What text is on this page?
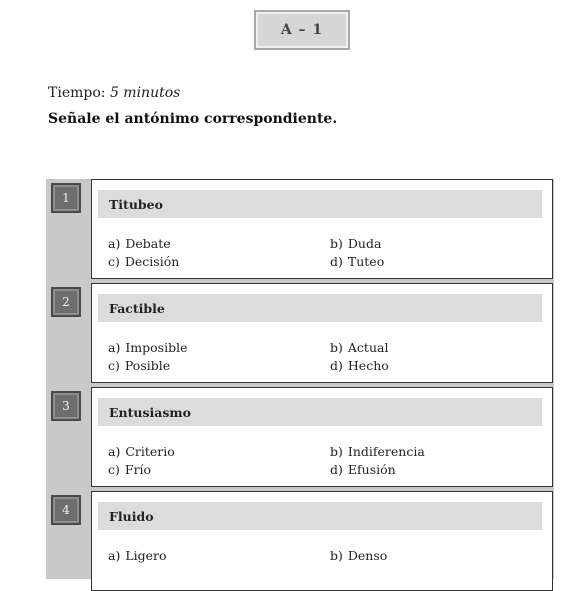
A – 1
Tiempo: 5 minutos
Señale el antónimo correspondiente.
1	Titubeo
a) Debate	b) Duda
c) Decisión	d) Tuteo
2	Factible
a) Imposible	b) Actual
c) Posible	d) Hecho
3	Entusiasmo
a) Criterio	b) Indiferencia
c) Frío	d) Efusión
4	Fluido
a) Ligero	b) Denso
